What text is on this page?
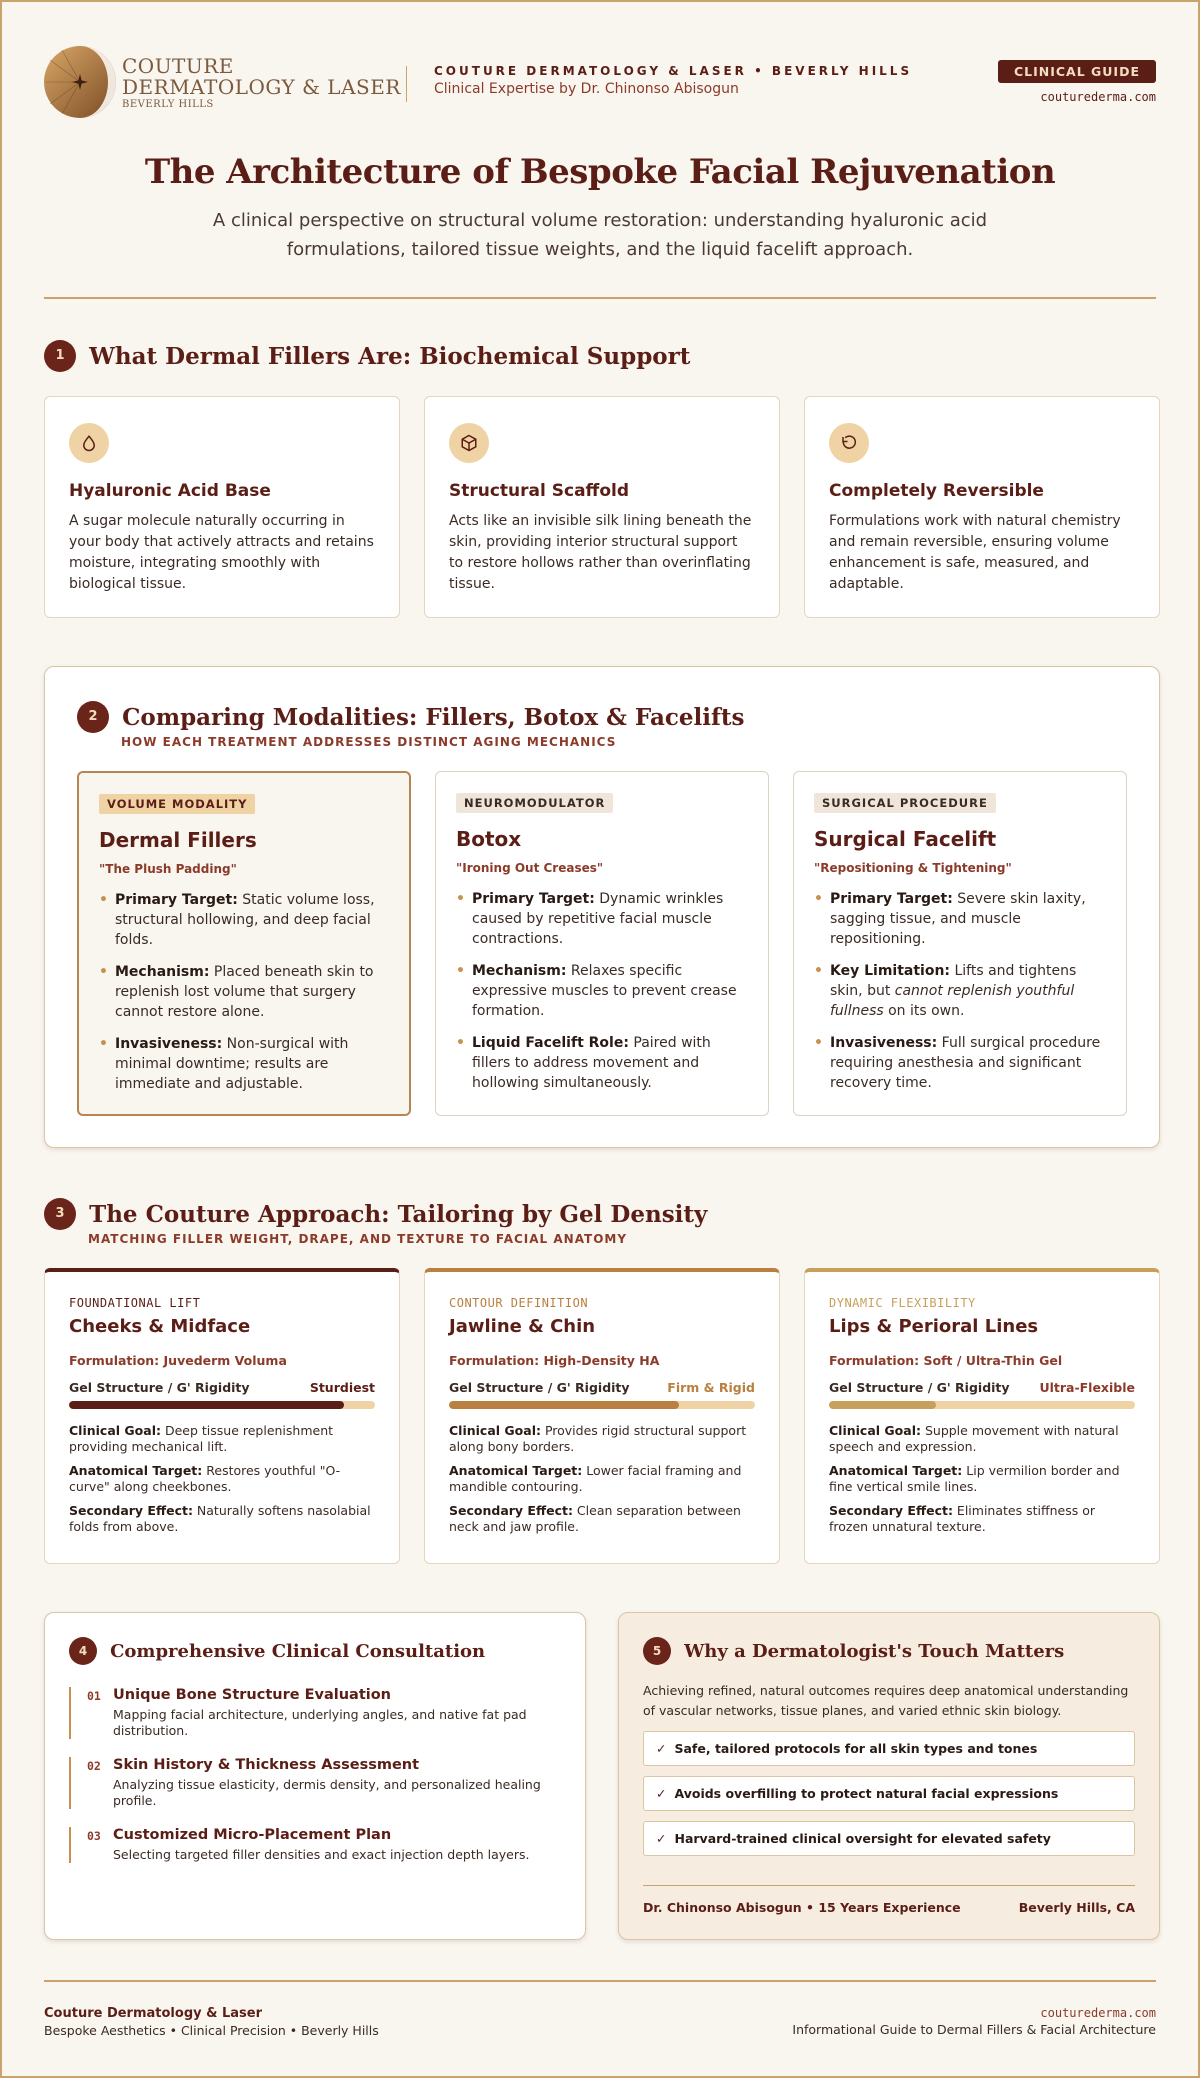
COUTURE
DERMATOLOGY & LASER
BEVERLY HILLS
COUTURE DERMATOLOGY & LASER • BEVERLY HILLS
Clinical Expertise by Dr. Chinonso Abisogun
CLINICAL GUIDE
couturederma.com
The Architecture of Bespoke Facial Rejuvenation
A clinical perspective on structural volume restoration: understanding hyaluronic acid formulations, tailored tissue weights, and the liquid facelift approach.
1 What Dermal Fillers Are: Biochemical Support
Hyaluronic Acid Base
A sugar molecule naturally occurring in your body that actively attracts and retains moisture, integrating smoothly with biological tissue.
Structural Scaffold
Acts like an invisible silk lining beneath the skin, providing interior structural support to restore hollows rather than overinflating tissue.
Completely Reversible
Formulations work with natural chemistry and remain reversible, ensuring volume enhancement is safe, measured, and adaptable.
2 Comparing Modalities: Fillers, Botox & Facelifts
HOW EACH TREATMENT ADDRESSES DISTINCT AGING MECHANICS
VOLUME MODALITY
Dermal Fillers
"The Plush Padding"
• Primary Target: Static volume loss, structural hollowing, and deep facial folds.
• Mechanism: Placed beneath skin to replenish lost volume that surgery cannot restore alone.
• Invasiveness: Non-surgical with minimal downtime; results are immediate and adjustable.
NEUROMODULATOR
Botox
"Ironing Out Creases"
• Primary Target: Dynamic wrinkles caused by repetitive facial muscle contractions.
• Mechanism: Relaxes specific expressive muscles to prevent crease formation.
• Liquid Facelift Role: Paired with fillers to address movement and hollowing simultaneously.
SURGICAL PROCEDURE
Surgical Facelift
"Repositioning & Tightening"
• Primary Target: Severe skin laxity, sagging tissue, and muscle repositioning.
• Key Limitation: Lifts and tightens skin, but cannot replenish youthful fullness on its own.
• Invasiveness: Full surgical procedure requiring anesthesia and significant recovery time.
3 The Couture Approach: Tailoring by Gel Density
MATCHING FILLER WEIGHT, DRAPE, AND TEXTURE TO FACIAL ANATOMY
FOUNDATIONAL LIFT
Cheeks & Midface
Formulation: Juvederm Voluma
Gel Structure / G' Rigidity	Sturdiest
Clinical Goal: Deep tissue replenishment providing mechanical lift.
Anatomical Target: Restores youthful "O-curve" along cheekbones.
Secondary Effect: Naturally softens nasolabial folds from above.
CONTOUR DEFINITION
Jawline & Chin
Formulation: High-Density HA
Gel Structure / G' Rigidity	Firm & Rigid
Clinical Goal: Provides rigid structural support along bony borders.
Anatomical Target: Lower facial framing and mandible contouring.
Secondary Effect: Clean separation between neck and jaw profile.
DYNAMIC FLEXIBILITY
Lips & Perioral Lines
Formulation: Soft / Ultra-Thin Gel
Gel Structure / G' Rigidity Ultra-Flexible
Clinical Goal: Supple movement with natural speech and expression.
Anatomical Target: Lip vermilion border and fine vertical smile lines.
Secondary Effect: Eliminates stiffness or frozen unnatural texture.
4 Comprehensive Clinical Consultation
01 Unique Bone Structure Evaluation
Mapping facial architecture, underlying angles, and native fat pad distribution.
02 Skin History & Thickness Assessment
Analyzing tissue elasticity, dermis density, and personalized healing profile.
03 Customized Micro-Placement Plan
Selecting targeted filler densities and exact injection depth layers.
5 Why a Dermatologist's Touch Matters
Achieving refined, natural outcomes requires deep anatomical understanding of vascular networks, tissue planes, and varied ethnic skin biology.
✓ Safe, tailored protocols for all skin types and tones
✓ Avoids overfilling to protect natural facial expressions
✓ Harvard-trained clinical oversight for elevated safety
Dr. Chinonso Abisogun • 15 Years Experience	Beverly Hills, CA
Couture Dermatology & Laser
Bespoke Aesthetics • Clinical Precision • Beverly Hills
couturederma.com
Informational Guide to Dermal Fillers & Facial Architecture
